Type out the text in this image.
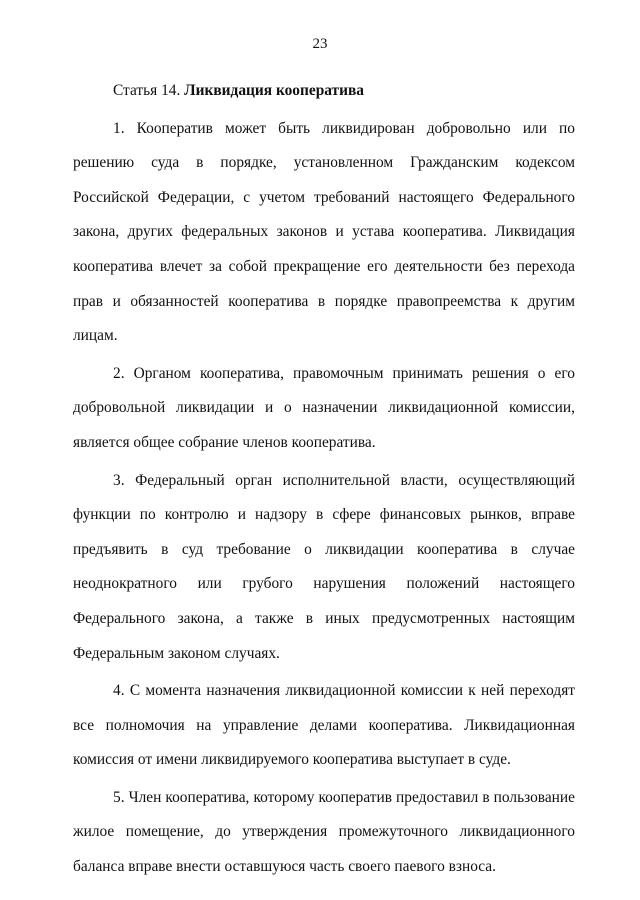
23

Статья 14. Ликвидация кооператива

1. Кооператив может быть ликвидирован добровольно или по решению суда в порядке, установленном Гражданским кодексом Российской Федерации, с учетом требований настоящего Федерального закона, других федеральных законов и устава кооператива. Ликвидация кооператива влечет за собой прекращение его деятельности без перехода прав и обязанностей кооператива в порядке правопреемства к другим лицам.

2. Органом кооператива, правомочным принимать решения о его добровольной ликвидации и о назначении ликвидационной комиссии, является общее собрание членов кооператива.

3. Федеральный орган исполнительной власти, осуществляющий функции по контролю и надзору в сфере финансовых рынков, вправе предъявить в суд требование о ликвидации кооператива в случае неоднократного или грубого нарушения положений настоящего Федерального закона, а также в иных предусмотренных настоящим Федеральным законом случаях.

4. С момента назначения ликвидационной комиссии к ней переходят все полномочия на управление делами кооператива. Ликвидационная комиссия от имени ликвидируемого кооператива выступает в суде.

5. Член кооператива, которому кооператив предоставил в пользование жилое помещение, до утверждения промежуточного ликвидационного баланса вправе внести оставшуюся часть своего паевого взноса.
